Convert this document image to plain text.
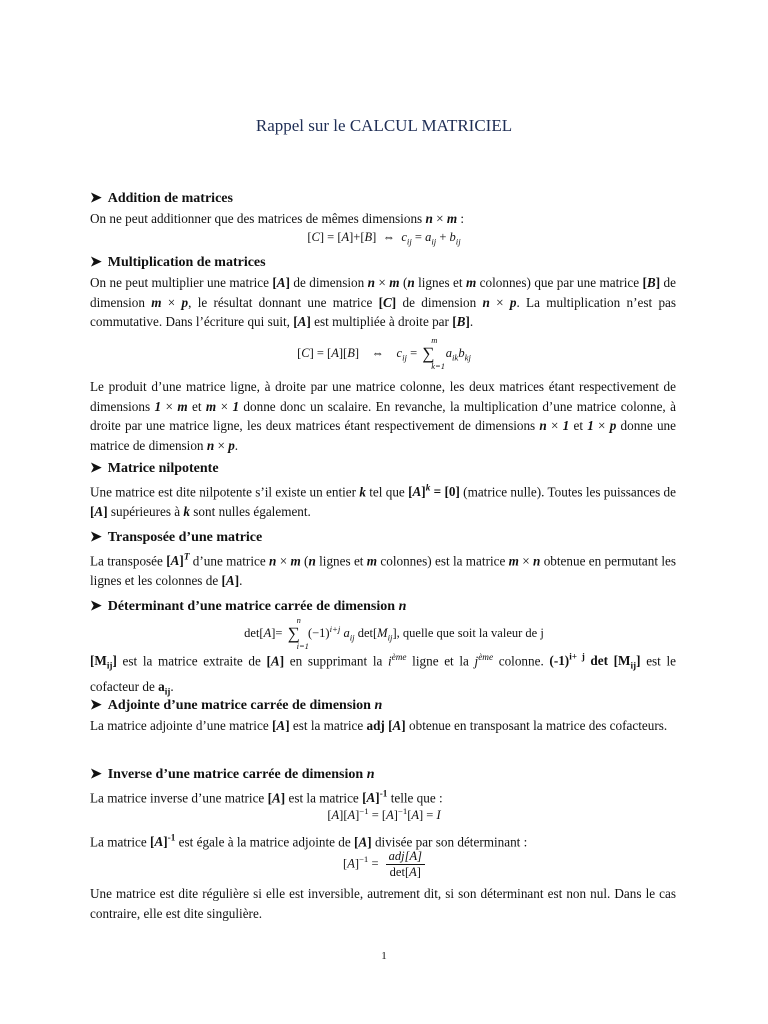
Rappel sur le CALCUL MATRICIEL
➤ Addition de matrices
On ne peut additionner que des matrices de mêmes dimensions n × m :
[C] = [A]+[B]  ⇔  $c_{ij} = a_{ij} + b_{ij}$
➤ Multiplication de matrices
On ne peut multiplier une matrice [A] de dimension n × m (n lignes et m colonnes) que par une matrice [B] de dimension m × p, le résultat donnant une matrice [C] de dimension n × p. La multiplication n’est pas commutative. Dans l’écriture qui suit, [A] est multipliée à droite par [B].
[C] = [A][B]    ⇔    $c_{ij}$ = ∑
m
k=1
$a_{ik}b_{kj}$
Le produit d’une matrice ligne, à droite par une matrice colonne, les deux matrices étant respectivement de dimensions 1 × m et m × 1 donne donc un scalaire. En revanche, la multiplication d’une matrice colonne, à droite par une matrice ligne, les deux matrices étant respectivement de dimensions n × 1 et 1 × p donne une matrice de dimension n × p.
➤ Matrice nilpotente
Une matrice est dite nilpotente s’il existe un entier k tel que $[A]^k = [0]$ (matrice nulle). Toutes les puissances de [A] supérieures à k sont nulles également.
➤ Transposée d’une matrice
La transposée $[A]^T$ d’une matrice n × m (n lignes et m colonnes) est la matrice m × n obtenue en permutant les lignes et les colonnes de [A].
➤ Déterminant d’une matrice carrée de dimension n
det[A]= ∑
n
i=1
$(-1)^{i+j}$ $a_{ij}$ $\det[M_{ij}]$, quelle que soit la valeur de j
$[M_{ij}]$ est la matrice extraite de [A] en supprimant la $i^{ème}$ ligne et la $j^{ème}$ colonne. $(-1)^{i+ j}$ $\det [M_{ij}]$ est le cofacteur de $a_{ij}$.
➤ Adjointe d’une matrice carrée de dimension n
La matrice adjointe d’une matrice [A] est la matrice adj [A] obtenue en transposant la matrice des cofacteurs.
➤ Inverse d’une matrice carrée de dimension n
La matrice inverse d’une matrice [A] est la matrice $[A]^{-1}$ telle que :
$[A][A]^{-1} = [A]^{-1}[A] = I$
La matrice $[A]^{-1}$ est égale à la matrice adjointe de [A] divisée par son déterminant :
$[A]^{-1} = \frac{\text{adj[A]}}{\det[A]}$
Une matrice est dite régulière si elle est inversible, autrement dit, si son déterminant est non nul. Dans le cas contraire, elle est dite singulière.
1
